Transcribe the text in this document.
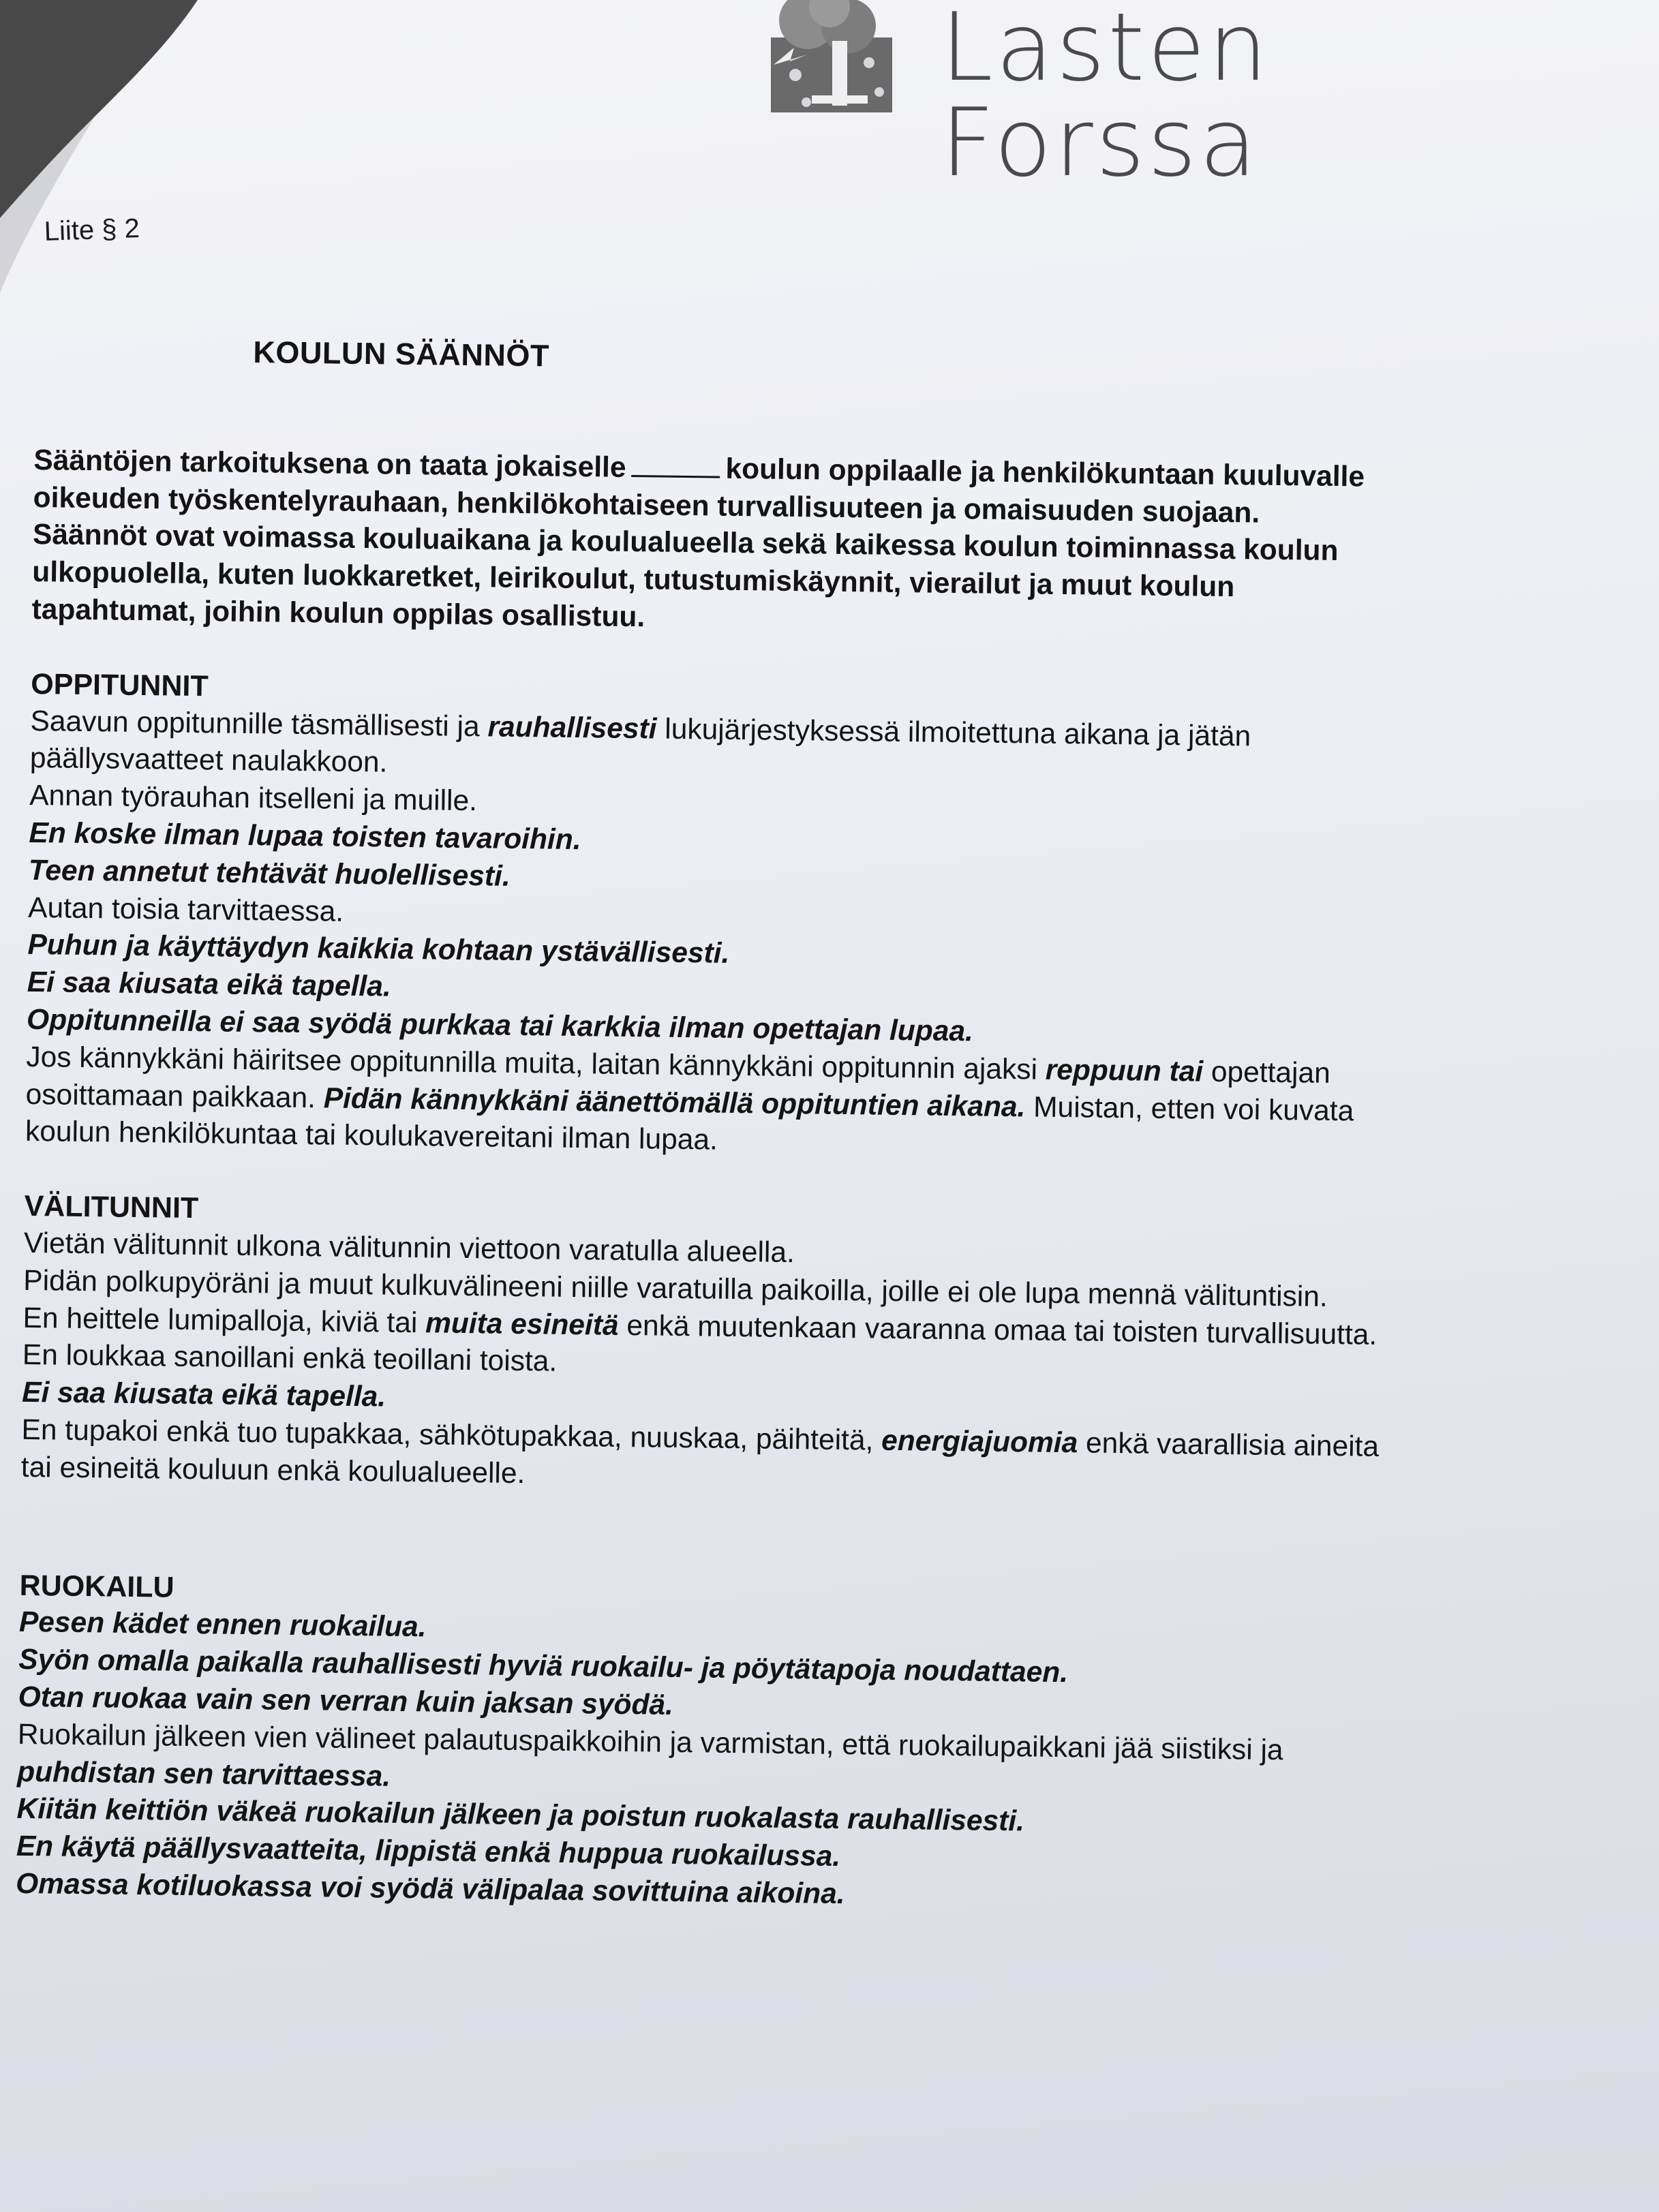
Lasten Forssa
Liite § 2
KOULUN SÄÄNNÖT
Sääntöjen tarkoituksena on taata jokaiselle	koulun oppilaalle ja henkilökuntaan kuuluvalle
oikeuden työskentelyrauhaan, henkilökohtaiseen turvallisuuteen ja omaisuuden suojaan.
Säännöt ovat voimassa kouluaikana ja koulualueella sekä kaikessa koulun toiminnassa koulun
ulkopuolella, kuten luokkaretket, leirikoulut, tutustumiskäynnit, vierailut ja muut koulun
tapahtumat, joihin koulun oppilas osallistuu.
OPPITUNNIT
Saavun oppitunnille täsmällisesti ja rauhallisesti lukujärjestyksessä ilmoitettuna aikana ja jätän
päällysvaatteet naulakkoon.
Annan työrauhan itselleni ja muille.
En koske ilman lupaa toisten tavaroihin.
Teen annetut tehtävät huolellisesti.
Autan toisia tarvittaessa.
Puhun ja käyttäydyn kaikkia kohtaan ystävällisesti.
Ei saa kiusata eikä tapella.
Oppitunneilla ei saa syödä purkkaa tai karkkia ilman opettajan lupaa.
Jos kännykkäni häiritsee oppitunnilla muita, laitan kännykkäni oppitunnin ajaksi reppuun tai opettajan
osoittamaan paikkaan. Pidän kännykkäni äänettömällä oppituntien aikana. Muistan, etten voi kuvata
koulun henkilökuntaa tai koulukavereitani ilman lupaa.
VÄLITUNNIT
Vietän välitunnit ulkona välitunnin viettoon varatulla alueella.
Pidän polkupyöräni ja muut kulkuvälineeni niille varatuilla paikoilla, joille ei ole lupa mennä välituntisin.
En heittele lumipalloja, kiviä tai muita esineitä enkä muutenkaan vaaranna omaa tai toisten turvallisuutta.
En loukkaa sanoillani enkä teoillani toista.
Ei saa kiusata eikä tapella.
En tupakoi enkä tuo tupakkaa, sähkötupakkaa, nuuskaa, päihteitä, energiajuomia enkä vaarallisia aineita
tai esineitä kouluun enkä koulualueelle.
RUOKAILU
Pesen kädet ennen ruokailua.
Syön omalla paikalla rauhallisesti hyviä ruokailu- ja pöytätapoja noudattaen.
Otan ruokaa vain sen verran kuin jaksan syödä.
Ruokailun jälkeen vien välineet palautuspaikkoihin ja varmistan, että ruokailupaikkani jää siistiksi ja
puhdistan sen tarvittaessa.
Kiitän keittiön väkeä ruokailun jälkeen ja poistun ruokalasta rauhallisesti.
En käytä päällysvaatteita, lippistä enkä huppua ruokailussa.
Omassa kotiluokassa voi syödä välipalaa sovittuina aikoina.
